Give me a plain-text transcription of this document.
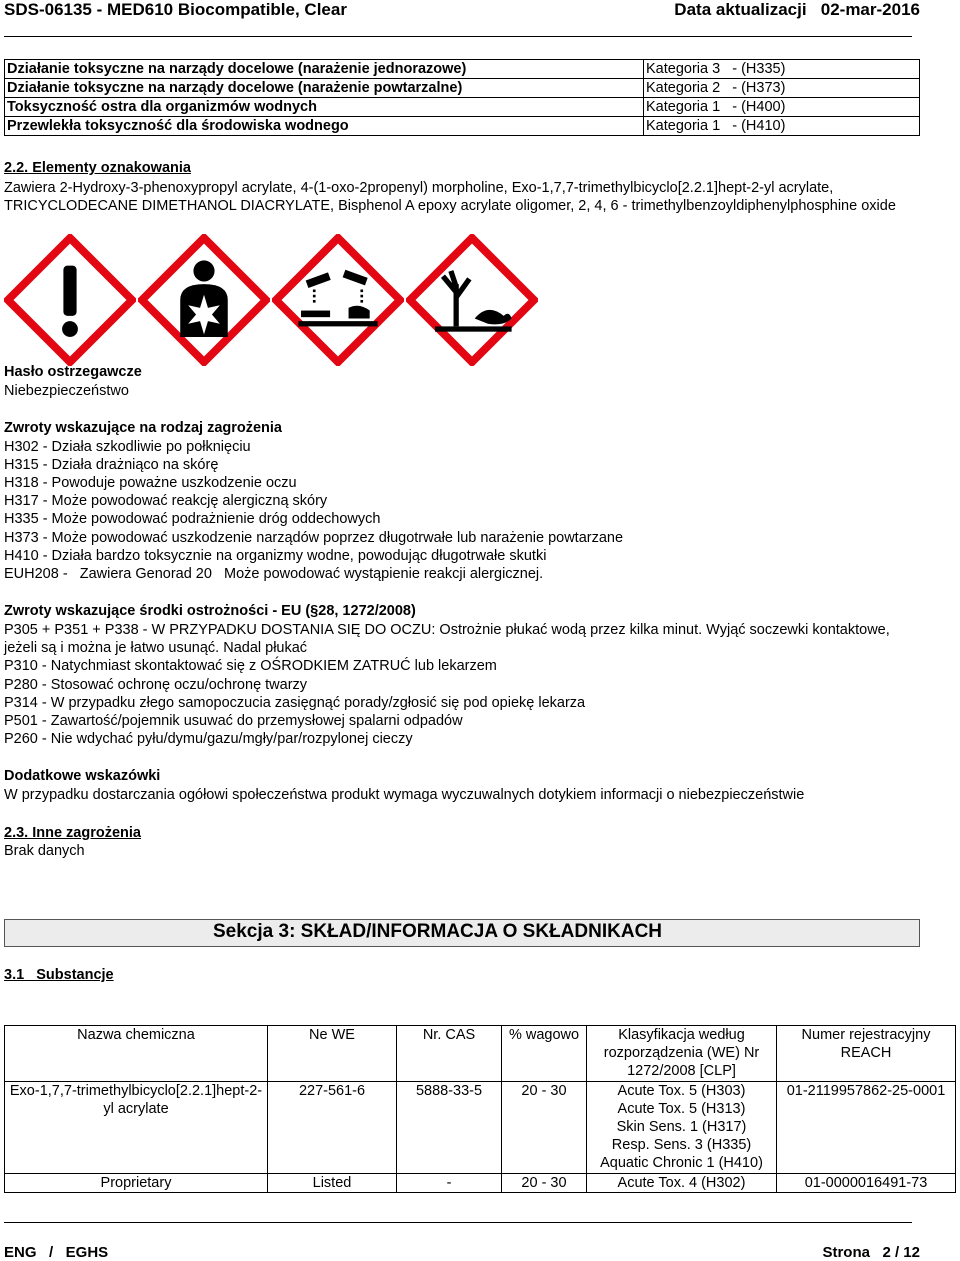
SDS-06135 - MED610 Biocompatible, Clear	Data aktualizacji 02-mar-2016
Działanie toksyczne na narządy docelowe (narażenie jednorazowe)	Kategoria 3   - (H335)
Działanie toksyczne na narządy docelowe (narażenie powtarzalne)	Kategoria 2   - (H373)
Toksyczność ostra dla organizmów wodnych	Kategoria 1   - (H400)
Przewlekła toksyczność dla środowiska wodnego	Kategoria 1   - (H410)
2.2. Elementy oznakowania
Zawiera 2-Hydroxy-3-phenoxypropyl acrylate, 4-(1-oxo-2propenyl) morpholine, Exo-1,7,7-trimethylbicyclo[2.2.1]hept-2-yl acrylate, TRICYCLODECANE DIMETHANOL DIACRYLATE, Bisphenol A epoxy acrylate oligomer, 2, 4, 6 - trimethylbenzoyldiphenylphosphine oxide
Hasło ostrzegawcze
Niebezpieczeństwo
Zwroty wskazujące na rodzaj zagrożenia
H302 - Działa szkodliwie po połknięciu
H315 - Działa drażniąco na skórę
H318 - Powoduje poważne uszkodzenie oczu
H317 - Może powodować reakcję alergiczną skóry
H335 - Może powodować podrażnienie dróg oddechowych
H373 - Może powodować uszkodzenie narządów poprzez długotrwałe lub narażenie powtarzane
H410 - Działa bardzo toksycznie na organizmy wodne, powodując długotrwałe skutki
EUH208 -   Zawiera Genorad 20   Może powodować wystąpienie reakcji alergicznej.
Zwroty wskazujące środki ostrożności - EU (§28, 1272/2008)
P305 + P351 + P338 - W PRZYPADKU DOSTANIA SIĘ DO OCZU: Ostrożnie płukać wodą przez kilka minut. Wyjąć soczewki kontaktowe, jeżeli są i można je łatwo usunąć. Nadal płukać
P310 - Natychmiast skontaktować się z OŚRODKIEM ZATRUĆ lub lekarzem
P280 - Stosować ochronę oczu/ochronę twarzy
P314 - W przypadku złego samopoczucia zasięgnąć porady/zgłosić się pod opiekę lekarza
P501 - Zawartość/pojemnik usuwać do przemysłowej spalarni odpadów
P260 - Nie wdychać pyłu/dymu/gazu/mgły/par/rozpylonej cieczy
Dodatkowe wskazówki
W przypadku dostarczania ogółowi społeczeństwa produkt wymaga wyczuwalnych dotykiem informacji o niebezpieczeństwie
2.3. Inne zagrożenia
Brak danych
Sekcja 3: SKŁAD/INFORMACJA O SKŁADNIKACH
3.1   Substancje
Nazwa chemiczna	Ne WE	Nr. CAS	% wagowo	Klasyfikacja według rozporządzenia (WE) Nr 1272/2008 [CLP]	Numer rejestracyjny REACH
Exo-1,7,7-trimethylbicyclo[2.2.1]hept-2-yl acrylate	227-561-6	5888-33-5	20 - 30	Acute Tox. 5 (H303)
Acute Tox. 5 (H313)
Skin Sens. 1 (H317)
Resp. Sens. 3 (H335)
Aquatic Chronic 1 (H410)	01-2119957862-25-0001
Proprietary	Listed	-	20 - 30	Acute Tox. 4 (H302)	01-0000016491-73
ENG   /   EGHS	Strona   2 / 12
